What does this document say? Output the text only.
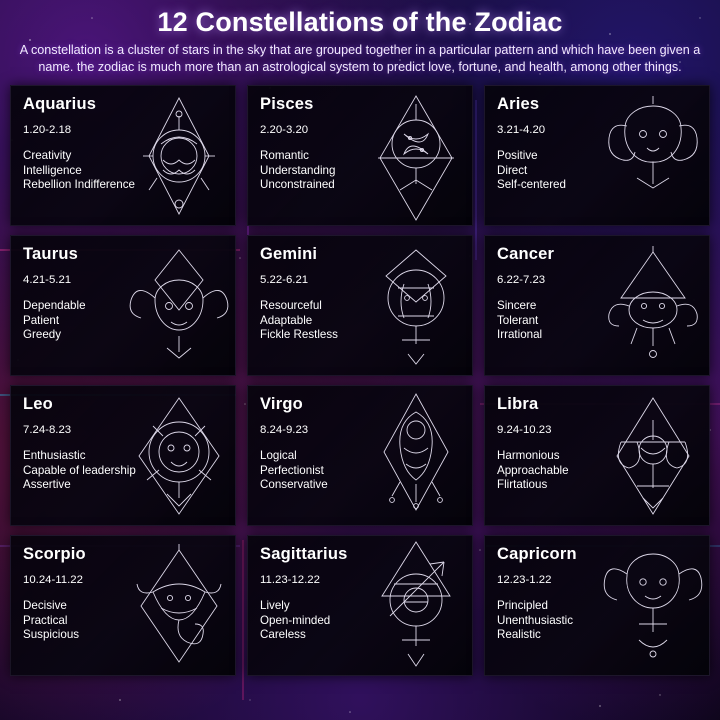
12 Constellations of the Zodiac

A constellation is a cluster of stars in the sky that are grouped together in a particular pattern and which have been given a name. the zodiac is much more than an astrological system to predict love, fortune, and health, among other things.

Aquarius
1.20-2.18
Creativity
Intelligence
Rebellion Indifference
Pisces
2.20-3.20
Romantic
Understanding
Unconstrained
Aries
3.21-4.20
Positive
Direct
Self-centered
Taurus
4.21-5.21
Dependable
Patient
Greedy
Gemini
5.22-6.21
Resourceful
Adaptable
Fickle Restless
Cancer
6.22-7.23
Sincere
Tolerant
Irrational
Leo
7.24-8.23
Enthusiastic
Capable of leadership
Assertive
Virgo
8.24-9.23
Logical
Perfectionist
Conservative
Libra
9.24-10.23
Harmonious
Approachable
Flirtatious
Scorpio
10.24-11.22
Decisive
Practical
Suspicious
Sagittarius
11.23-12.22
Lively
Open-minded
Careless
Capricorn
12.23-1.22
Principled
Unenthusiastic
Realistic
